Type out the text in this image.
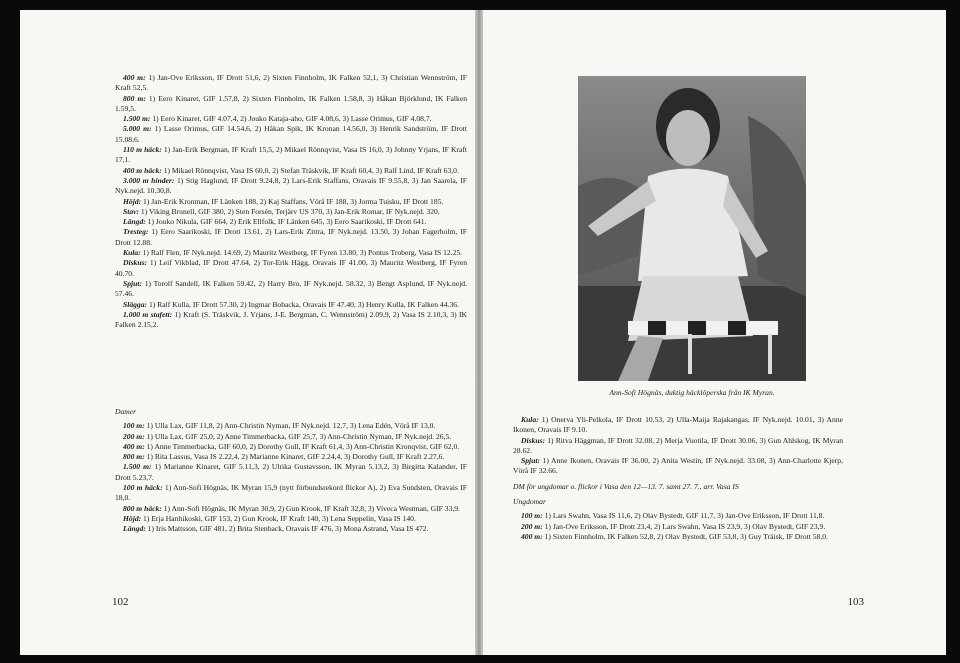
400 m: 1) Jan-Ove Eriksson, IF Drott 51,6, 2) Sixten Finnholm, IK Falken 52,1, 3) Christian Wennström, IF Kraft 52,5.
800 m: 1) Eero Kinaret, GIF 1.57,8, 2) Sixten Finnholm, IK Falken 1.58,8, 3) Håkan Björklund, IK Falken 1.59,5.
1.500 m: 1) Eero Kinaret, GIF 4.07,4, 2) Jouko Kataja-aho, GIF 4.08,6, 3) Lasse Orimus, GIF 4.08,7.
5.000 m: 1) Lasse Orimus, GIF 14.54,6, 2) Håkan Spik, IK Kronan 14.56,0, 3) Henrik Sandström, IF Drott 15.08,6.
110 m häck: 1) Jan-Erik Bergman, IF Kraft 15,5, 2) Mikael Rönnqvist, Vasa IS 16,0, 3) Johnny Yrjans, IF Kraft 17,1.
400 m häck: 1) Mikael Rönnqvist, Vasa IS 60,0, 2) Stefan Träskvik, IF Kraft 60,4, 3) Ralf Lind, IF Kraft 63,0.
3.000 m hinder: 1) Stig Haglund, IF Drott 9.24,8, 2) Lars-Erik Staffans, Oravais IF 9.55,8, 3) Jan Saarela, IF Nyk.nejd. 10.30,8.
Höjd: 1) Jan-Erik Kronman, IF Länken 188, 2) Kaj Staffans, Vörå IF 188, 3) Jorma Tuisku, IF Drott 185.
Stav: 1) Viking Brunell, GIF 380, 2) Sten Forsén, Terjärv US 370, 3) Jan-Erik Romar, IF Nyk.nejd. 320.
Längd: 1) Jouko Nikula, GIF 664, 2) Erik Ellfolk, IF Länken 645, 3) Eero Saarikoski, IF Drott 641.
Tresteg: 1) Eero Saarikoski, IF Drott 13.61, 2) Lars-Erik Zittra, IF Nyk.nejd. 13.50, 3) Johan Fagerholm, IF Drott 12.88.
Kula: 1) Ralf Flen, IF Nyk.nejd. 14.69, 2) Mauritz Westberg, IF Fyren 13.80, 3) Pontus Troberg, Vasa IS 12.25.
Diskus: 1) Leif Vikblad, IF Drott 47.64, 2) Tor-Erik Hägg, Oravais IF 41.00, 3) Mauritz Westberg, IF Fyren 40.70.
Spjut: 1) Torolf Sandell, IK Falken 59.42, 2) Harry Bro, IF Nyk.nejd. 58.32, 3) Bengt Asplund, IF Nyk.nejd. 57.46.
Slägga: 1) Ralf Kulla, IF Drott 57.30, 2) Ingmar Bobacka, Oravais IF 47.40, 3) Henry Kulla, IK Falken 44.36.
1.000 m stafett: 1) Kraft (S. Träskvik, J. Yrjans, J-E. Bergman, C. Wennström) 2.09,9, 2) Vasa IS 2.10,3, 3) IK Falken 2.15,2.
Damer
100 m: 1) Ulla Lax, GIF 11,8, 2) Ann-Christin Nyman, IF Nyk.nejd. 12,7, 3) Lena Edén, Vörå IF 13,0.
200 m: 1) Ulla Lax, GIF 25,0, 2) Anne Timmerbacka, GIF 25,7, 3) Ann-Christin Nyman, IF Nyk.nejd. 26,5.
400 m: 1) Anne Timmerbacka, GIF 60,0, 2) Dorothy Gull, IF Kraft 61,4, 3) Ann-Christin Kronqvist, GIF 62,0.
800 m: 1) Rita Lassus, Vasa IS 2.22,4, 2) Marianne Kinaret, GIF 2.24,4, 3) Dorothy Gull, IF Kraft 2.27,6.
1.500 m: 1) Marianne Kinaret, GIF 5.11,3, 2) Ulrika Gustavsson, IK Myran 5.13,2, 3) Birgitta Kalander, IF Drott 5.23,7.
100 m häck: 1) Ann-Sofi Högnäs, IK Myran 15,9 (nytt förbundsrekord flickor A), 2) Eva Sundsten, Oravais IF 18,0.
800 m häck: 1) Ann-Sofi Högnäs, IK Myran 30,9, 2) Gun Krook, IF Kraft 32,8, 3) Viveca Westman, GIF 33,9.
Höjd: 1) Erja Hanhikoski, GIF 153, 2) Gun Krook, IF Kraft 140, 3) Lena Seppelin, Vasa IS 140.
Längd: 1) Iris Mattsson, GIF 481, 2) Brita Stenback, Oravais IF 476, 3) Mona Astrand, Vasa IS 472.
102
Ann-Sofi Högnäs, duktig häcklöperska från IK Myran.
Kula: 1) Onerva Yli-Pelkola, IF Drott 10.53, 2) Ulla-Maija Rajakangas, IF Nyk.nejd. 10.01, 3) Anne Ikonen, Oravais IF 9.10.
Diskus: 1) Ritva Häggman, IF Drott 32.08, 2) Merja Vuotila, IF Drott 30.06, 3) Gun Ahlskog, IK Myran 28.62.
Spjut: 1) Anne Ikonen, Oravais IF 36.00, 2) Anita Westin, IF Nyk.nejd. 33.08, 3) Ann-Charlotte Kjerp, Vörå IF 32.66.
DM för ungdomar o. flickor i Vasa den 12—13. 7. samt 27. 7., arr. Vasa IS
Ungdomar
100 m: 1) Lars Swahn, Vasa IS 11,6, 2) Olav Bystedt, GIF 11,7, 3) Jan-Ove Eriksson, IF Drott 11,8.
200 m: 1) Jan-Ove Eriksson, IF Drott 23,4, 2) Lars Swahn, Vasa IS 23,9, 3) Olav Bystedt, GIF 23,9.
400 m: 1) Sixten Finnholm, IK Falken 52,8, 2) Olav Bystedt, GIF 53,8, 3) Guy Träisk, IF Drott 58,0.
103
